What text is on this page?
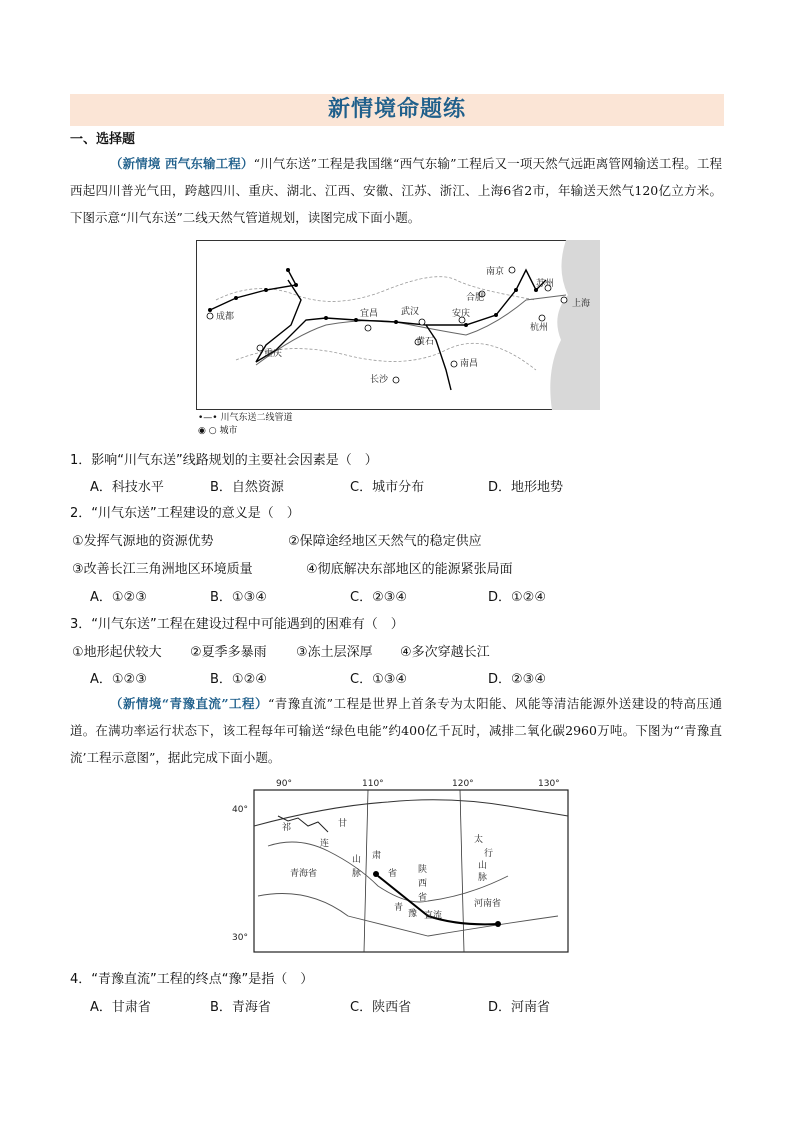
新情境命题练
一、选择题
（新情境 西气东输工程）“川气东送”工程是我国继“西气东输”工程后又一项天然气远距离管网输送工程。工程西起四川普光气田，跨越四川、重庆、湖北、江西、安徽、江苏、浙江、上海6省2市，年输送天然气120亿立方米。下图示意“川气东送”二线天然气管道规划，读图完成下面小题。
成都
重庆
宜昌	武汉
黄石
安庆
合肥
南京
苏州
上海
杭州
南昌
长沙
•—• 川气东送二线管道
◉ ○ 城市
1．影响“川气东送”线路规划的主要社会因素是（　）
A．科技水平	B．自然资源	C．城市分布	D．地形地势
2．“川气东送”工程建设的意义是（　）
①发挥气源地的资源优势	②保障途经地区天然气的稳定供应
③改善长江三角洲地区环境质量	④彻底解决东部地区的能源紧张局面
A．①②③	B．①③④	C．②③④	D．①②④
3．“川气东送”工程在建设过程中可能遇到的困难有（　）
①地形起伏较大 ②夏季多暴雨 ③冻土层深厚 ④多次穿越长江
A．①②③	B．①②④	C．①③④	D．②③④
（新情境“青豫直流”工程）“青豫直流”工程是世界上首条专为太阳能、风能等清洁能源外送建设的特高压通道。在满功率运行状态下，该工程每年可输送“绿色电能”约400亿千瓦时，减排二氧化碳2960万吨。下图为“‘青豫直流’工程示意图”，据此完成下面小题。
90°	110°	120°	130°
40°
30°
祁
连
甘
肃
山
脉	省
青海省	陕
西
省
青
豫 直流
太
行
山
脉
河南省
4．“青豫直流”工程的终点“豫”是指（　）
A．甘肃省	B．青海省	C．陕西省	D．河南省
